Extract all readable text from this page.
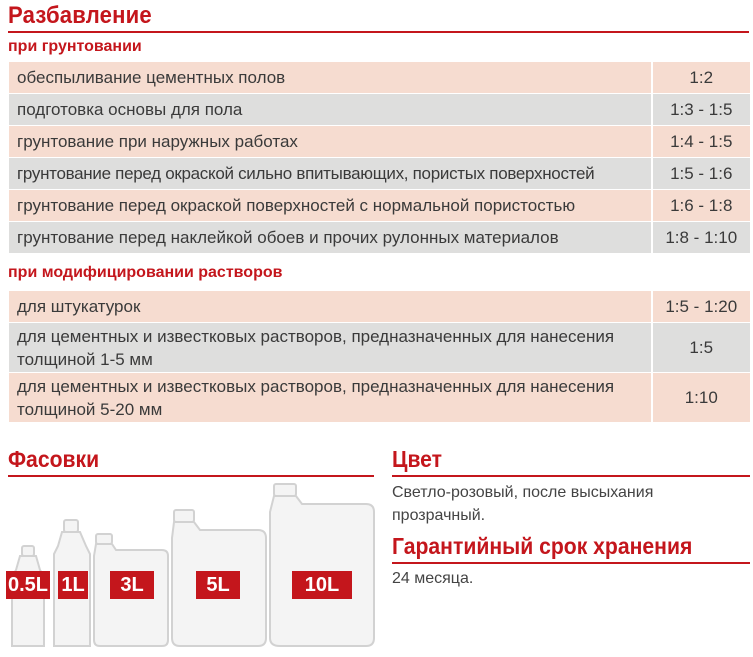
Разбавление
при грунтовании
обеспыливание цементных полов	1:2
подготовка основы для пола	1:3 - 1:5
грунтование при наружных работах	1:4 - 1:5
грунтование перед окраской сильно впитывающих, пористых поверхностей	1:5 - 1:6
грунтование перед окраской поверхностей с нормальной пористостью	1:6 - 1:8
грунтование перед наклейкой обоев и прочих рулонных материалов	1:8 - 1:10
при модифицировании растворов
для штукатурок	1:5 - 1:20
для цементных и известковых растворов, предназначенных для нанесения толщиной 1-5 мм	1:5
для цементных и известковых растворов, предназначенных для нанесения толщиной 5-20 мм	1:10
Фасовки
0.5L 1L	3L	5L	10L
Цвет
Светло-розовый, после высыхания прозрачный.
Гарантийный срок хранения
24 месяца.
